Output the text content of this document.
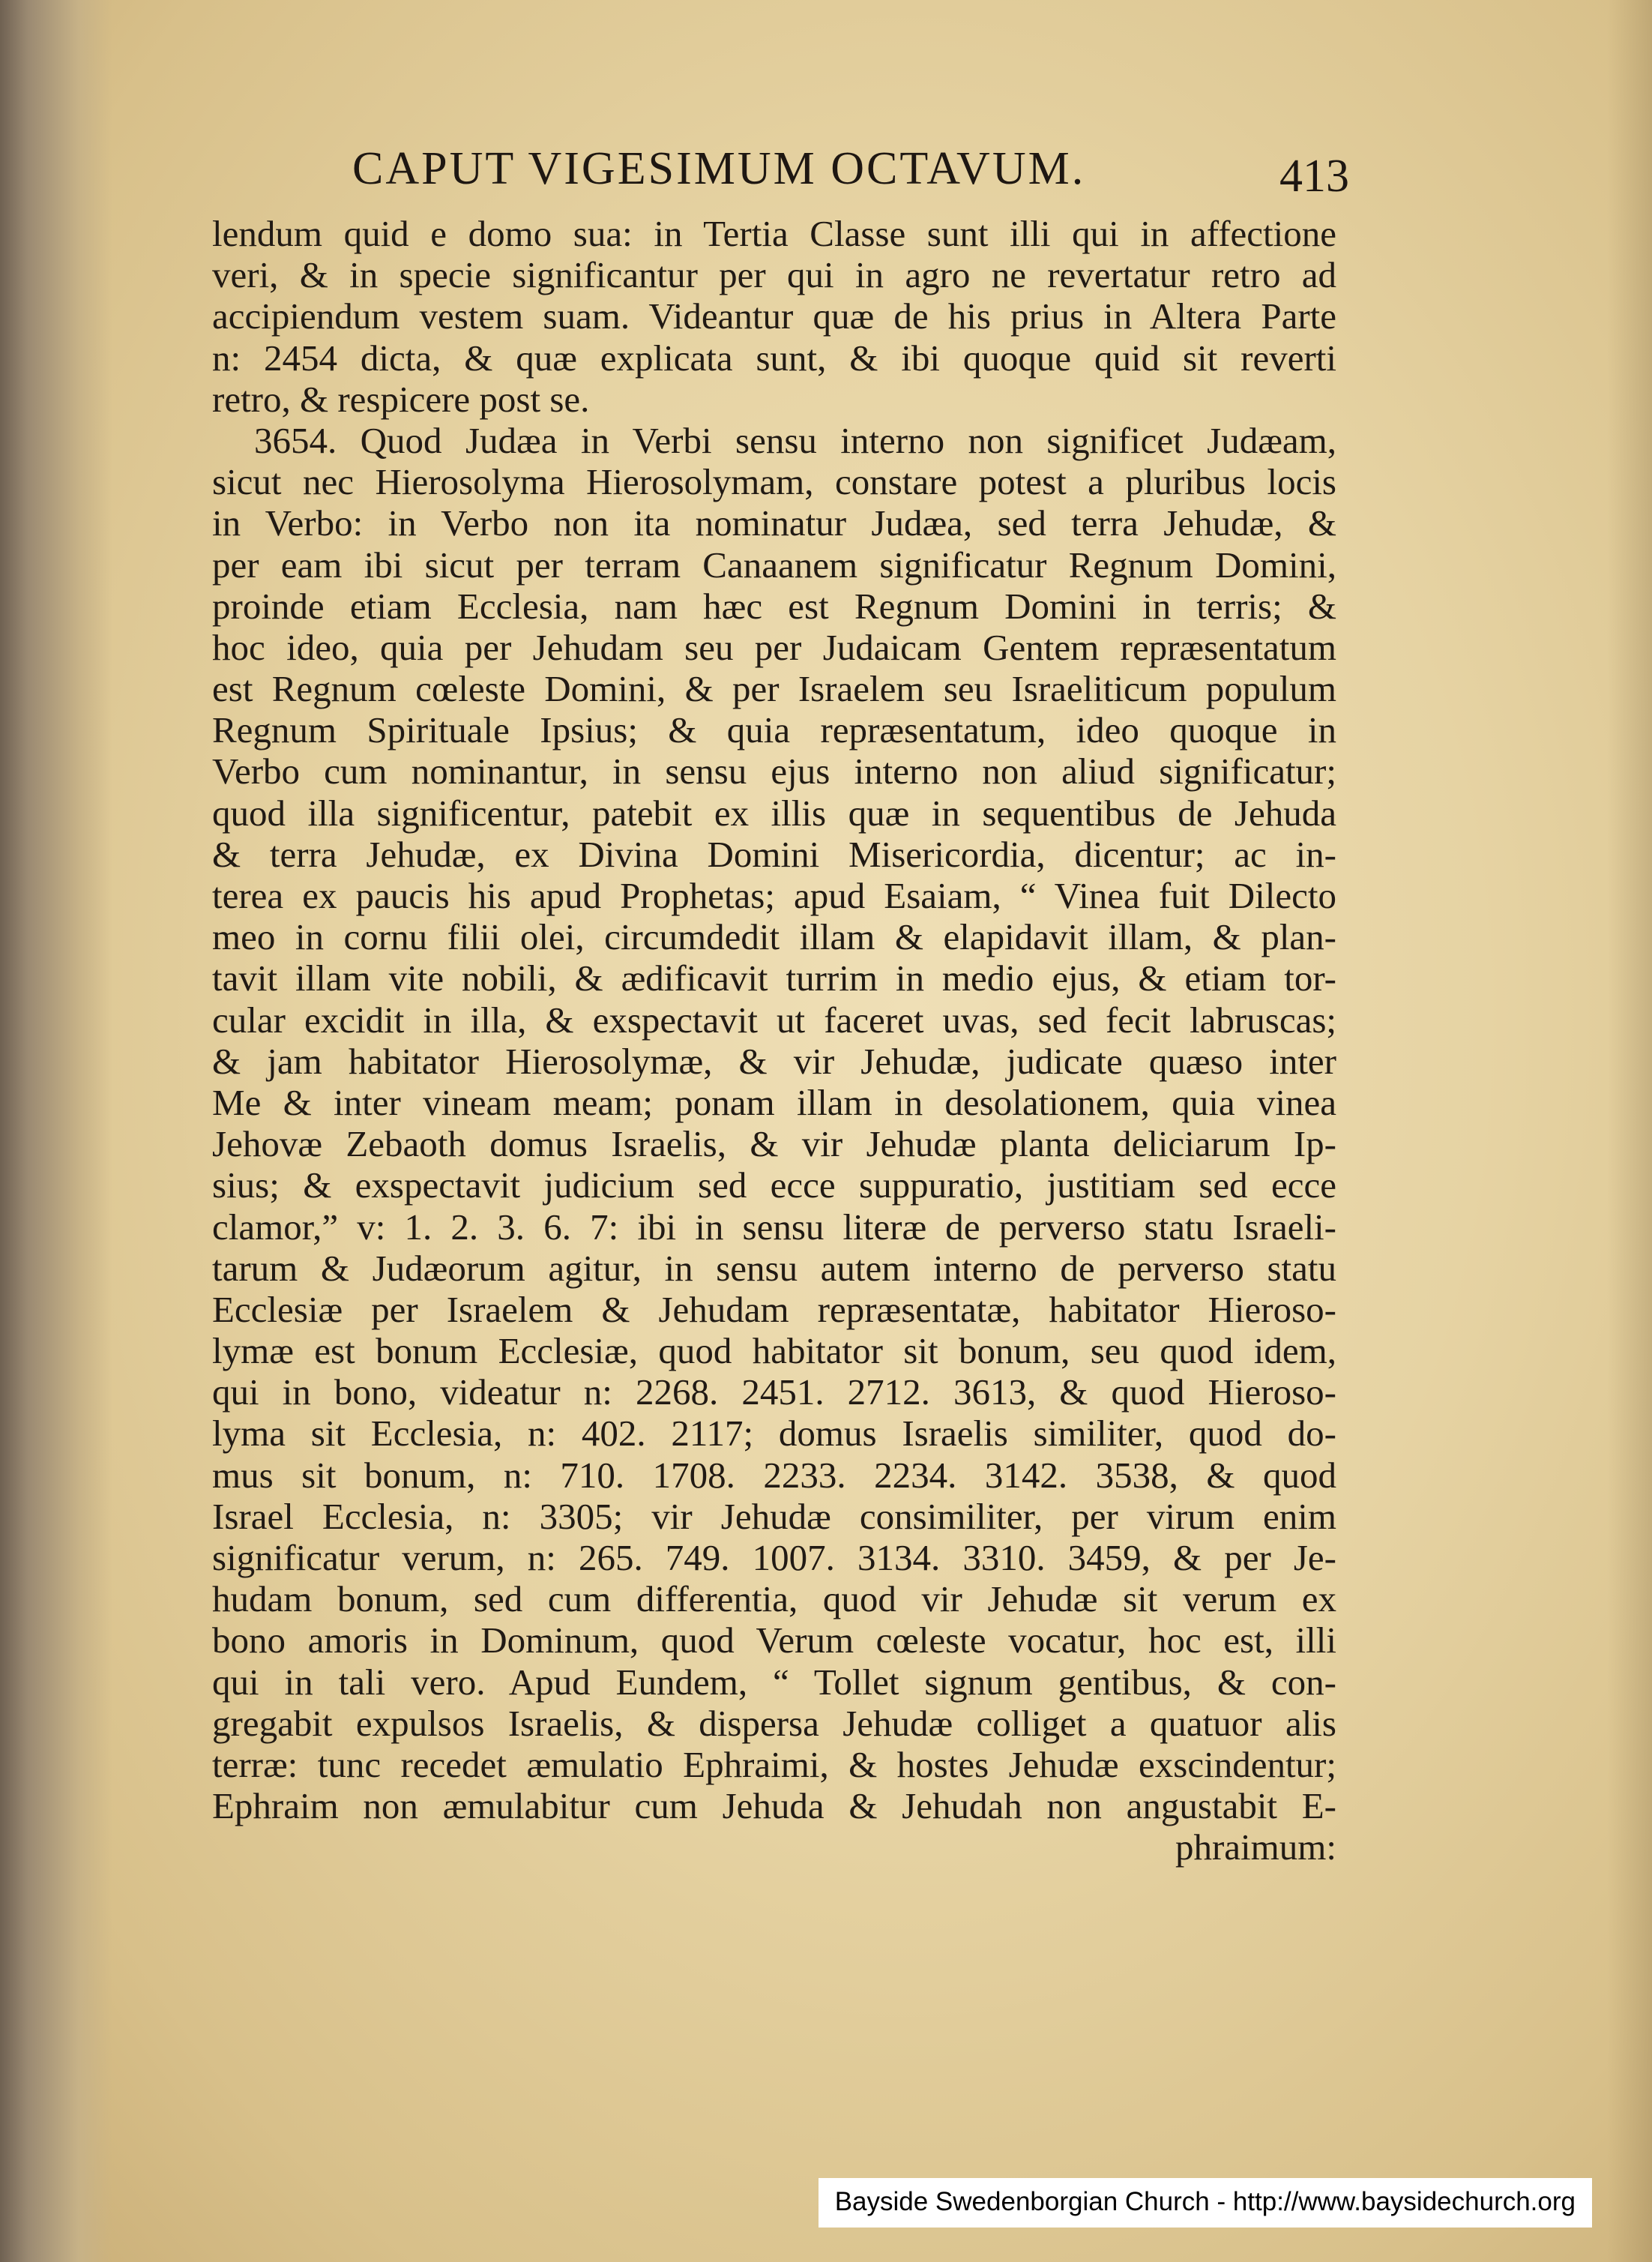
CAPUT VIGESIMUM OCTAVUM.	413
lendum quid e domo sua: in Tertia Classe sunt illi qui in affectione
veri, & in specie significantur per qui in agro ne revertatur retro ad
accipiendum vestem suam. Videantur quæ de his prius in Altera Parte
n: 2454 dicta, & quæ explicata sunt, & ibi quoque quid sit reverti
retro, & respicere post se.
3654. Quod Judæa in Verbi sensu interno non significet Judæam,
sicut nec Hierosolyma Hierosolymam, constare potest a pluribus locis
in Verbo: in Verbo non ita nominatur Judæa, sed terra Jehudæ, &
per eam ibi sicut per terram Canaanem significatur Regnum Domini,
proinde etiam Ecclesia, nam hæc est Regnum Domini in terris; &
hoc ideo, quia per Jehudam seu per Judaicam Gentem repræsentatum
est Regnum cœleste Domini, & per Israelem seu Israeliticum populum
Regnum Spirituale Ipsius; & quia repræsentatum, ideo quoque in
Verbo cum nominantur, in sensu ejus interno non aliud significatur;
quod illa significentur, patebit ex illis quæ in sequentibus de Jehuda
& terra Jehudæ, ex Divina Domini Misericordia, dicentur; ac in-
terea ex paucis his apud Prophetas; apud Esaiam, “ Vinea fuit Dilecto
meo in cornu filii olei, circumdedit illam & elapidavit illam, & plan-
tavit illam vite nobili, & ædificavit turrim in medio ejus, & etiam tor-
cular excidit in illa, & exspectavit ut faceret uvas, sed fecit labruscas;
& jam habitator Hierosolymæ, & vir Jehudæ, judicate quæso inter
Me & inter vineam meam; ponam illam in desolationem, quia vinea
Jehovæ Zebaoth domus Israelis, & vir Jehudæ planta deliciarum Ip-
sius; & exspectavit judicium sed ecce suppuratio, justitiam sed ecce
clamor,” v: 1. 2. 3. 6. 7: ibi in sensu literæ de perverso statu Israeli-
tarum & Judæorum agitur, in sensu autem interno de perverso statu
Ecclesiæ per Israelem & Jehudam repræsentatæ, habitator Hieroso-
lymæ est bonum Ecclesiæ, quod habitator sit bonum, seu quod idem,
qui in bono, videatur n: 2268. 2451. 2712. 3613, & quod Hieroso-
lyma sit Ecclesia, n: 402. 2117; domus Israelis similiter, quod do-
mus sit bonum, n: 710. 1708. 2233. 2234. 3142. 3538, & quod
Israel Ecclesia, n: 3305; vir Jehudæ consimiliter, per virum enim
significatur verum, n: 265. 749. 1007. 3134. 3310. 3459, & per Je-
hudam bonum, sed cum differentia, quod vir Jehudæ sit verum ex
bono amoris in Dominum, quod Verum cœleste vocatur, hoc est, illi
qui in tali vero. Apud Eundem, “ Tollet signum gentibus, & con-
gregabit expulsos Israelis, & dispersa Jehudæ colliget a quatuor alis
terræ: tunc recedet æmulatio Ephraimi, & hostes Jehudæ exscindentur;
Ephraim non æmulabitur cum Jehuda & Jehudah non angustabit E-
phraimum:
Bayside Swedenborgian Church - http://www.baysidechurch.org
